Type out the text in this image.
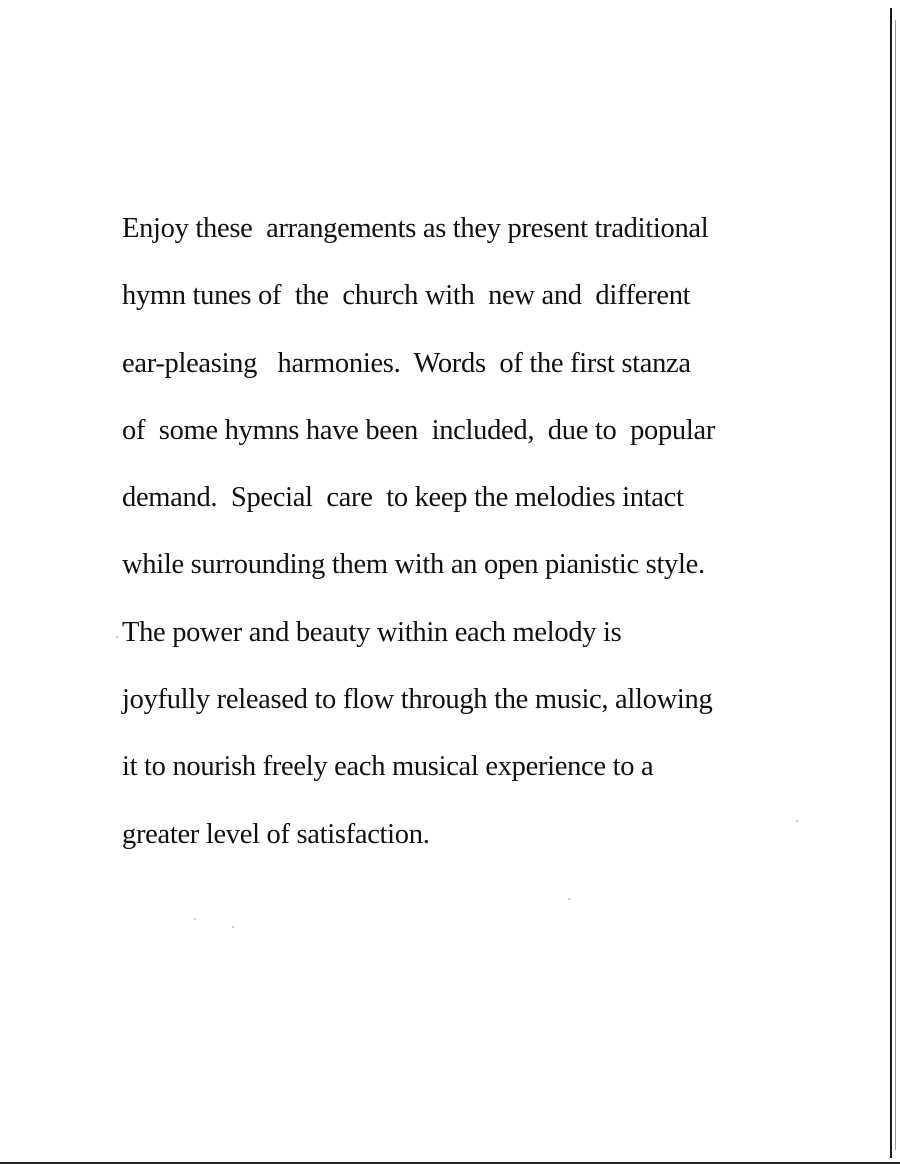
Enjoy these  arrangements as they present traditional
hymn tunes of  the  church with  new and  different
ear-pleasing   harmonies.  Words  of the first stanza
of  some hymns have been  included,  due to  popular
demand.  Special  care  to keep the melodies intact
while surrounding them with an open pianistic style.
The power and beauty within each melody is
joyfully released to flow through the music, allowing
it to nourish freely each musical experience to a
greater level of satisfaction.
